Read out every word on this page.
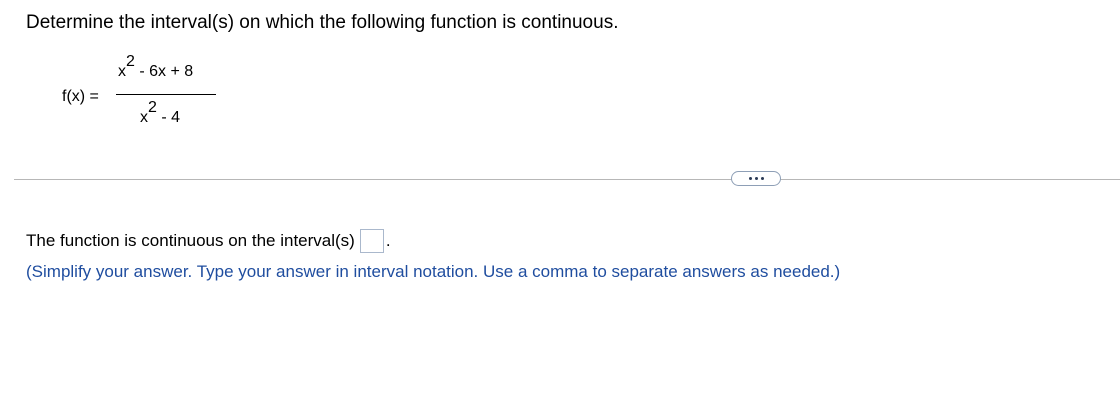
Determine the interval(s) on which the following function is continuous.
f(x) =
x2 - 6x + 8
x2 - 4
The function is continuous on the interval(s) .
(Simplify your answer. Type your answer in interval notation. Use a comma to separate answers as needed.)
